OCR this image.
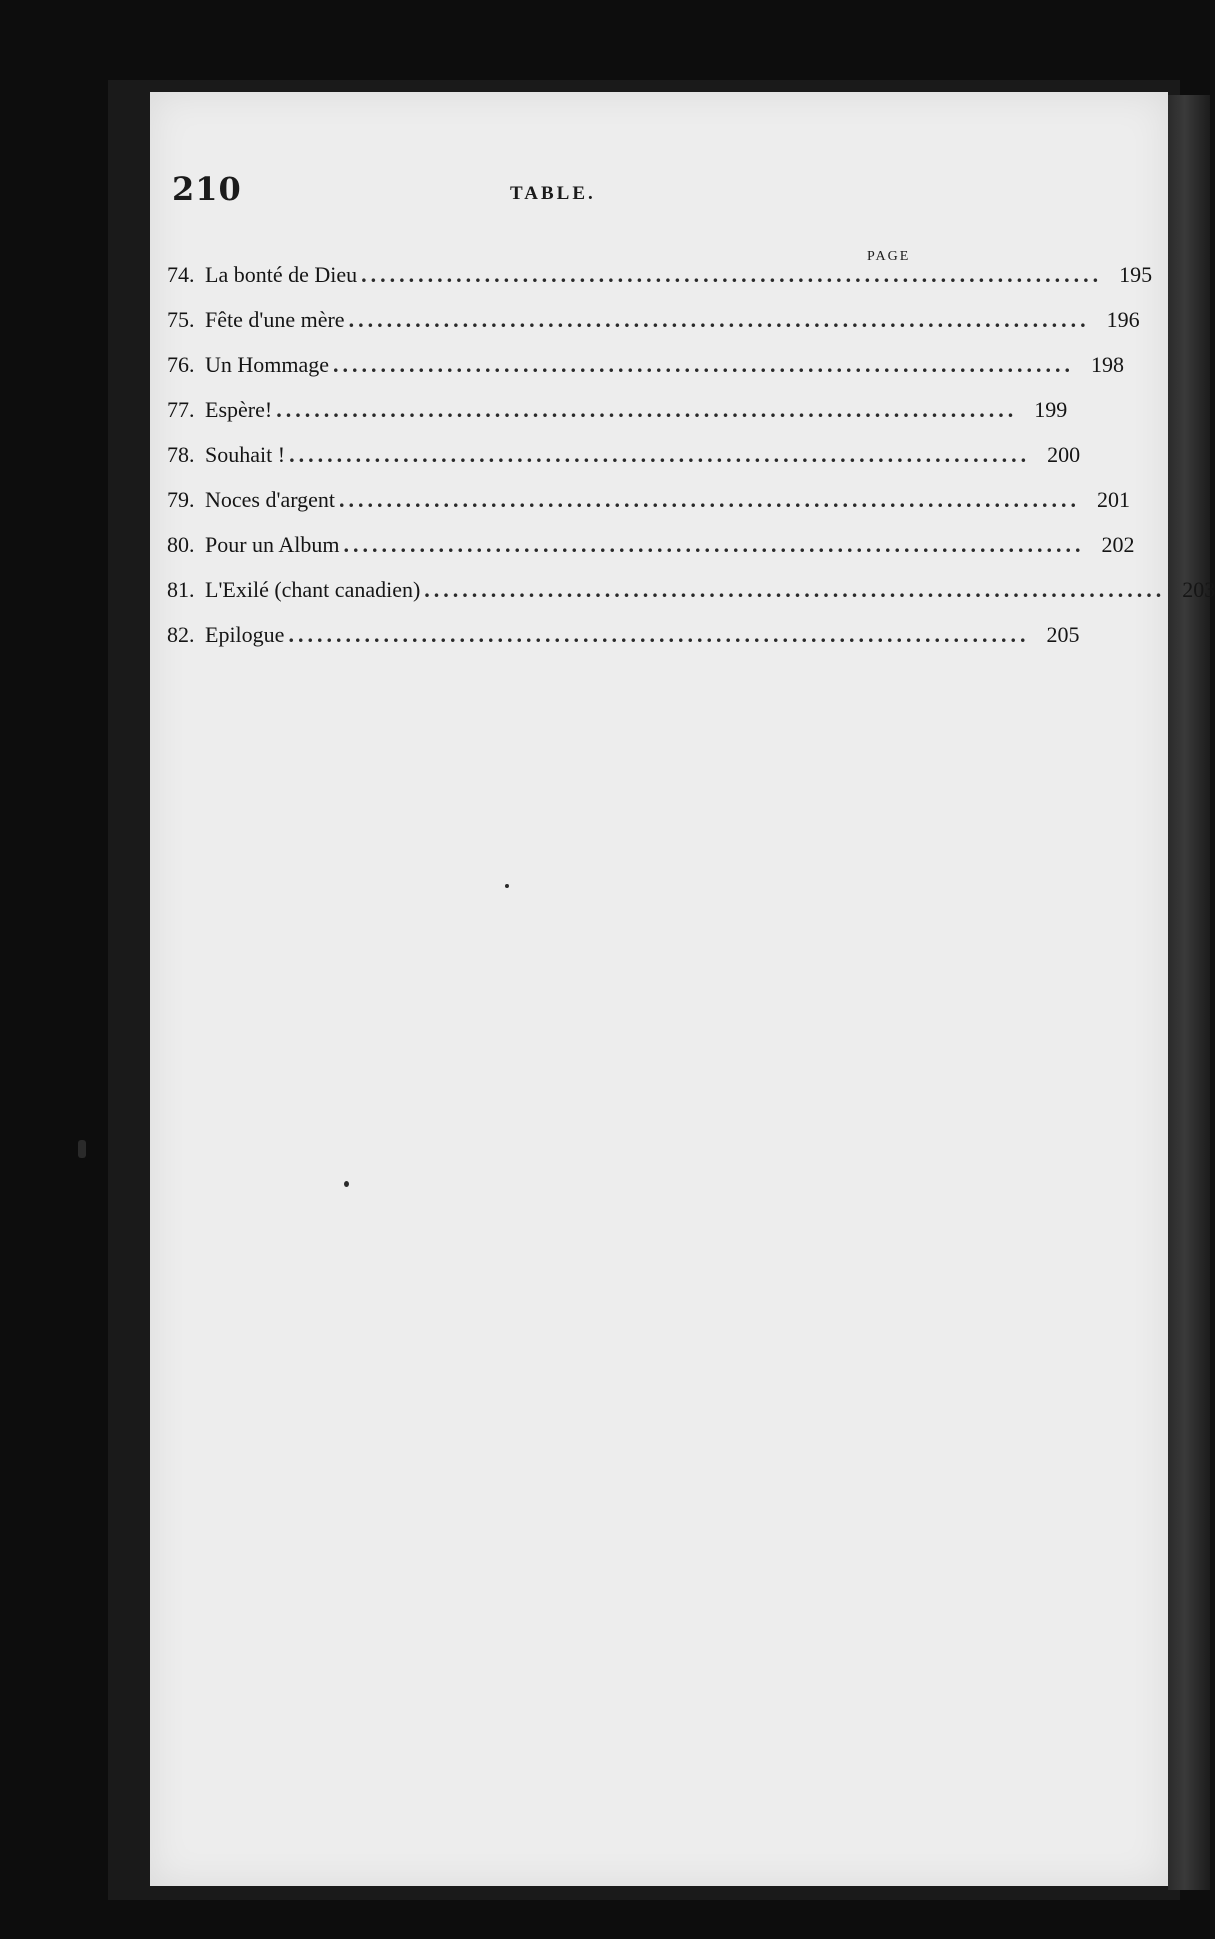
210	TABLE.
PAGE
74. La bonté de Dieu .............................................................................. 195
75. Fête d'une mère .............................................................................. 196
76. Un Hommage .............................................................................. 198
77. Espère! .............................................................................. 199
78. Souhait ! .............................................................................. 200
79. Noces d'argent .............................................................................. 201
80. Pour un Album .............................................................................. 202
81. L'Exilé (chant canadien) .............................................................................. 203
82. Epilogue .............................................................................. 205
